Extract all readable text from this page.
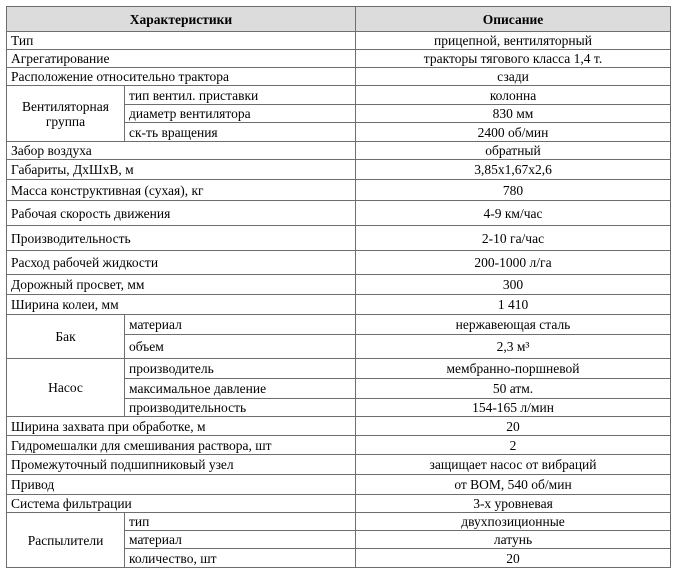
Характеристики		Описание
Тип		прицепной, вентиляторный
Агрегатирование		тракторы тягового класса 1,4 т.
Расположение относительно трактора		сзади
Вентиляторная группа	тип вентил. приставки	колонна
	диаметр вентилятора	830 мм
	ск-ть вращения	2400 об/мин
Забор воздуха		обратный
Габариты, ДхШхВ, м		3,85х1,67х2,6
Масса конструктивная (сухая), кг		780
Рабочая скорость движения		4-9 км/час
Производительность		2-10 га/час
Расход рабочей жидкости		200-1000 л/га
Дорожный просвет, мм		300
Ширина колеи, мм		1 410
Бак	материал	нержавеющая сталь
	объем	2,3 м³
Насос	производитель	мембранно-поршневой
	максимальное давление	50 атм.
	производительность	154-165 л/мин
Ширина захвата при обработке, м		20
Гидромешалки для смешивания раствора, шт		2
Промежуточный подшипниковый узел		защищает насос от вибраций
Привод		от ВОМ, 540 об/мин
Система фильтрации		3-х уровневая
Распылители	тип	двухпозиционные
	материал	латунь
	количество, шт	20
